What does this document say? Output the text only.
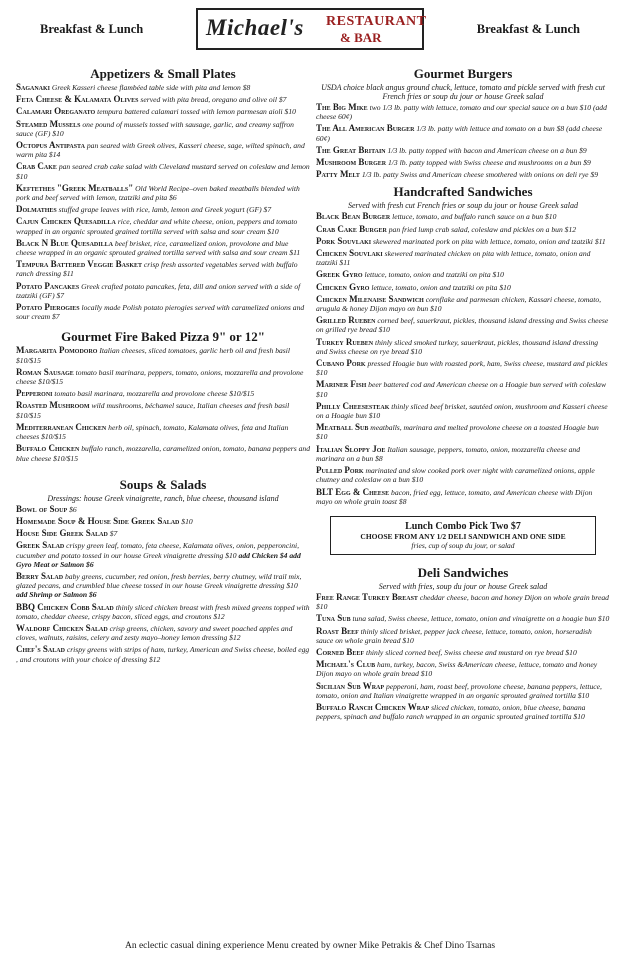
Breakfast & Lunch	Michael's RESTAURANT
& BAR
Breakfast & Lunch
Appetizers & Small Plates
Saganaki Greek Kasseri cheese flambéed table side with pita and lemon $8
Feta Cheese & Kalamata Olives served with pita bread, oregano and olive oil $7
Calamari Oreganato tempura battered calamari tossed with lemon parmesan aioli $10
Steamed Mussels one pound of mussels tossed with sausage, garlic, and creamy saffron sauce (GF) $10
Octopus Antipasta pan seared with Greek olives, Kasseri cheese, sage, wilted spinach, and warm pita $14
Crab Cake pan seared crab cake salad with Cleveland mustard served on coleslaw and lemon $10
Keftethes "Greek Meatballs" Old World Recipe–oven baked meatballs blended with pork and beef served with lemon, tzatziki and pita $6
Dolmathes stuffed grape leaves with rice, lamb, lemon and Greek yogurt (GF) $7
Cajun Chicken Quesadilla rice, cheddar and white cheese, onion, peppers and tomato wrapped in an organic sprouted grained tortilla served with salsa and sour cream $10
Black N Blue Quesadilla beef brisket, rice, caramelized onion, provolone and blue cheese wrapped in an organic sprouted grained tortilla served with salsa and sour cream $11
Tempura Battered Veggie Basket crisp fresh assorted vegetables served with buffalo ranch dressing $11
Potato Pancakes Greek crafted potato pancakes, feta, dill and onion served with a side of tzatziki (GF) $7
Potato Pierogies locally made Polish potato pierogies served with caramelized onions and sour cream $7
Gourmet Fire Baked Pizza 9" or 12"
Margarita Pomodoro Italian cheeses, sliced tomatoes, garlic herb oil and fresh basil $10/$15
Roman Sausage tomato basil marinara, peppers, tomato, onions, mozzarella and provolone cheese $10/$15
Pepperoni tomato basil marinara, mozzarella and provolone cheese $10/$15
Roasted Mushroom wild mushrooms, béchamel sauce, Italian cheeses and fresh basil $10/$15
Mediterranean Chicken herb oil, spinach, tomato, Kalamata olives, feta and Italian cheeses $10/$15
Buffalo Chicken buffalo ranch, mozzarella, caramelized onion, tomato, banana peppers and blue cheese $10/$15
Soups & Salads
Dressings: house Greek vinaigrette, ranch, blue cheese, thousand island
Bowl of Soup $6
Homemade Soup & House Side Greek Salad $10
House Side Greek Salad $7
Greek Salad crispy green leaf, tomato, feta cheese, Kalamata olives, onion, pepperoncini, cucumber and potato tossed in our house Greek vinaigrette dressing $10 add Chicken $4 add Gyro Meat or Salmon $6
Berry Salad baby greens, cucumber, red onion, fresh berries, berry chutney, wild trail mix, glazed pecans, and crumbled blue cheese tossed in our house Greek vinaigrette dressing $10 add Shrimp or Salmon $6
BBQ Chicken Cobb Salad thinly sliced chicken breast with fresh mixed greens topped with tomato, cheddar cheese, crispy bacon, sliced eggs, and croutons $12
Waldorf Chicken Salad crisp greens, chicken, savory and sweet poached apples and cloves, walnuts, raisins, celery and zesty mayo–honey lemon dressing $12
Chef's Salad crispy greens with strips of ham, turkey, American and Swiss cheese, boiled egg , and croutons with your choice of dressing $12
Gourmet Burgers
USDA choice black angus ground chuck, lettuce, tomato and pickle served with fresh cut French fries or soup du jour or house Greek salad
The Big Mike two 1/3 lb. patty with lettuce, tomato and our special sauce on a bun $10 (add cheese 60¢)
The All American Burger 1/3 lb. patty with lettuce and tomato on a bun $8 (add cheese 60¢)
The Great Britain 1/3 lb. patty topped with bacon and American cheese on a bun $9
Mushroom Burger 1/3 lb. patty topped with Swiss cheese and mushrooms on a bun $9
Patty Melt 1/3 lb. patty Swiss and American cheese smothered with onions on deli rye $9
Handcrafted Sandwiches
Served with fresh cut French fries or soup du jour or house Greek salad
Black Bean Burger lettuce, tomato, and buffalo ranch sauce on a bun $10
Crab Cake Burger pan fried lump crab salad, coleslaw and pickles on a bun $12
Pork Souvlaki skewered marinated pork on pita with lettuce, tomato, onion and tzatziki $11
Chicken Souvlaki skewered marinated chicken on pita with lettuce, tomato, onion and tzatziki $11
Greek Gyro lettuce, tomato, onion and tzatziki on pita $10
Chicken Gyro lettuce, tomato, onion and tzatziki on pita $10
Chicken Milenaise Sandwich cornflake and parmesan chicken, Kassari cheese, tomato, arugula & honey Dijon mayo on bun $10
Grilled Rueben corned beef, sauerkraut, pickles, thousand island dressing and Swiss cheese on grilled rye bread $10
Turkey Rueben thinly sliced smoked turkey, sauerkraut, pickles, thousand island dressing and Swiss cheese on rye bread $10
Cubano Pork pressed Hoagie bun with roasted pork, ham, Swiss cheese, mustard and pickles $10
Mariner Fish beer battered cod and American cheese on a Hoagie bun served with coleslaw $10
Philly Cheesesteak thinly sliced beef brisket, sautéed onion, mushroom and Kasseri cheese on a Hoagie bun $10
Meatball Sub meatballs, marinara and melted provolone cheese on a toasted Hoagie bun $10
Italian Sloppy Joe Italian sausage, peppers, tomato, onion, mozzarella cheese and marinara on a bun $8
Pulled Pork marinated and slow cooked pork over night with caramelized onions, apple chutney and coleslaw on a bun $10
BLT Egg & Cheese bacon, fried egg, lettuce, tomato, and American cheese with Dijon mayo on whole grain toast $8
Lunch Combo Pick Two $7
CHOOSE FROM ANY 1/2 DELI SANDWICH AND ONE SIDE
fries, cup of soup du jour, or salad
Deli Sandwiches
Served with fries, soup du jour or house Greek salad
Free Range Turkey Breast cheddar cheese, bacon and honey Dijon on whole grain bread $10
Tuna Sub tuna salad, Swiss cheese, lettuce, tomato, onion and vinaigrette on a hoagie bun $10
Roast Beef thinly sliced brisket, pepper jack cheese, lettuce, tomato, onion, horseradish sauce on whole grain bread $10
Corned Beef thinly sliced corned beef, Swiss cheese and mustard on rye bread $10
Michael's Club ham, turkey, bacon, Swiss &American cheese, lettuce, tomato and honey Dijon mayo on whole grain bread $10
Sicilian Sub Wrap pepperoni, ham, roast beef, provolone cheese, banana peppers, lettuce, tomato, onion and Italian vinaigrette wrapped in an organic sprouted grained tortilla $10
Buffalo Ranch Chicken Wrap sliced chicken, tomato, onion, blue cheese, banana peppers, spinach and buffalo ranch wrapped in an organic sprouted grained tortilla $10
An eclectic casual dining experience Menu created by owner Mike Petrakis & Chef Dino Tsarnas
